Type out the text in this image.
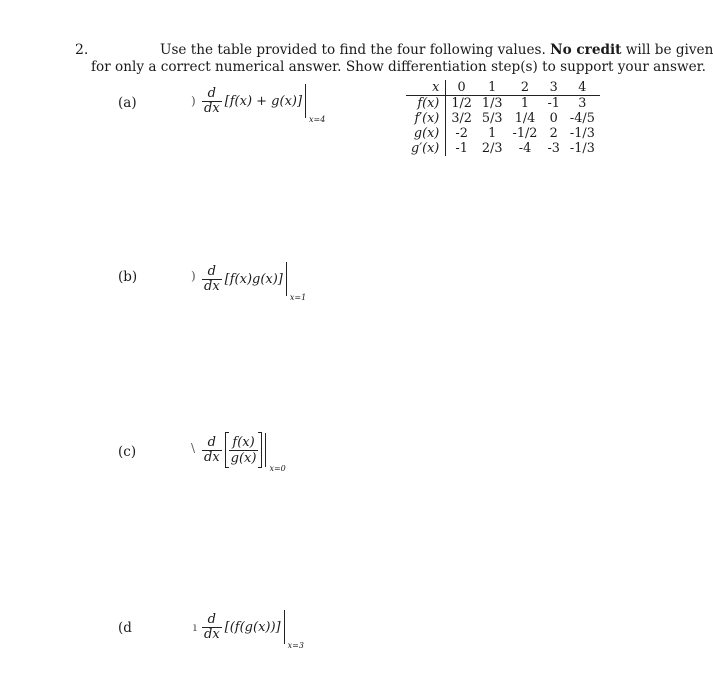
2.	Use the table provided to find the four following values. No credit will be given
for only a correct numerical answer. Show differentiation step(s) to support your answer.
x	0	1	2	3	4
f(x)	1/2	1/3	1	-1	3
f′(x)	3/2	5/3	1/4	0	-4/5
g(x)	-2	1	-1/2	2	-1/3
g′(x)	-1	2/3	-4	-3	-1/3
(a)	) $\frac{d}{dx} [f(x) + g(x)]$
x=4
(b)	) $\frac{d}{dx} [f(x)g(x)]$
x=1
(c)	\ $\frac{d}{dx} \frac{f(x)}{g(x)}$
x=0
(d	ı $\frac{d}{dx} [(f(g(x))]$
x=3
